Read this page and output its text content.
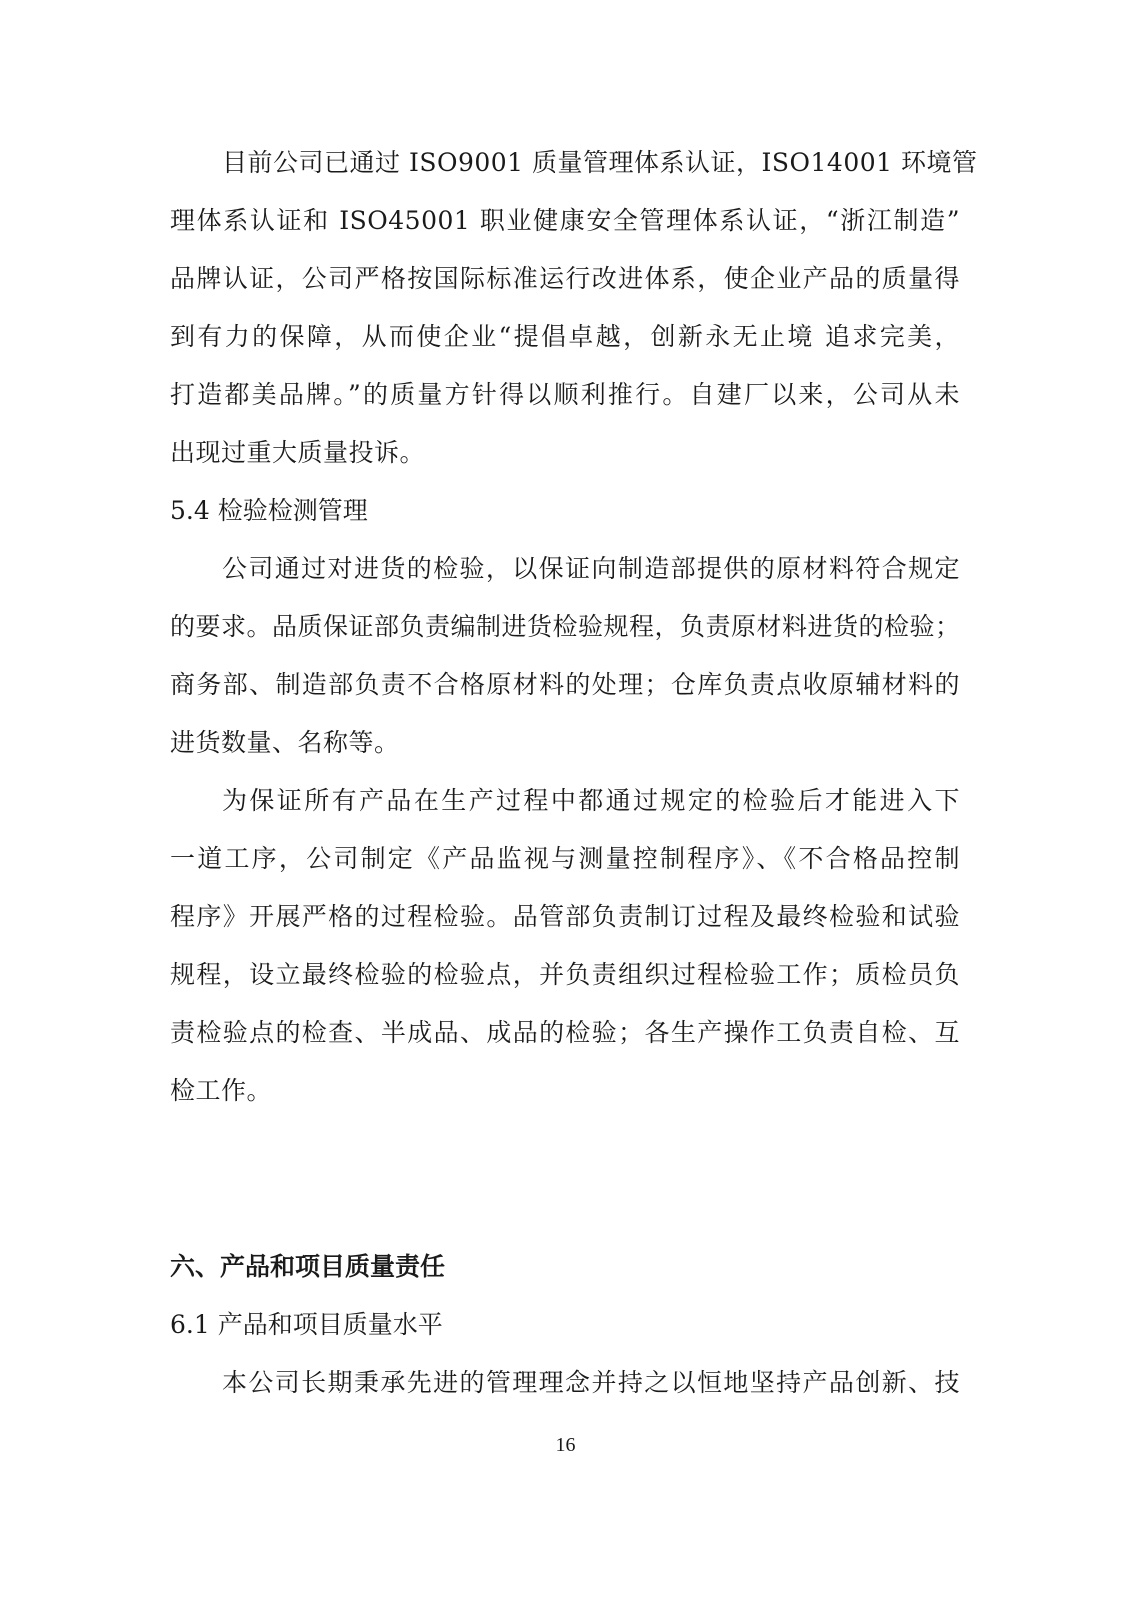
目前公司已通过 ISO9001 质量管理体系认证，ISO14001 环境管
理体系认证和 ISO45001 职业健康安全管理体系认证，“浙江制造”
品牌认证，公司严格按国际标准运行改进体系，使企业产品的质量得
到有力的保障，从而使企业“提倡卓越，创新永无止境 追求完美，
打造都美品牌。”的质量方针得以顺利推行。自建厂以来，公司从未
出现过重大质量投诉。
5.4 检验检测管理
公司通过对进货的检验，以保证向制造部提供的原材料符合规定
的要求。品质保证部负责编制进货检验规程，负责原材料进货的检验；
商务部、制造部负责不合格原材料的处理；仓库负责点收原辅材料的
进货数量、名称等。
为保证所有产品在生产过程中都通过规定的检验后才能进入下
一道工序，公司制定《产品监视与测量控制程序》、《不合格品控制
程序》开展严格的过程检验。品管部负责制订过程及最终检验和试验
规程，设立最终检验的检验点，并负责组织过程检验工作；质检员负
责检验点的检查、半成品、成品的检验；各生产操作工负责自检、互
检工作。
六、产品和项目质量责任
6.1 产品和项目质量水平
本公司长期秉承先进的管理理念并持之以恒地坚持产品创新、技
16
